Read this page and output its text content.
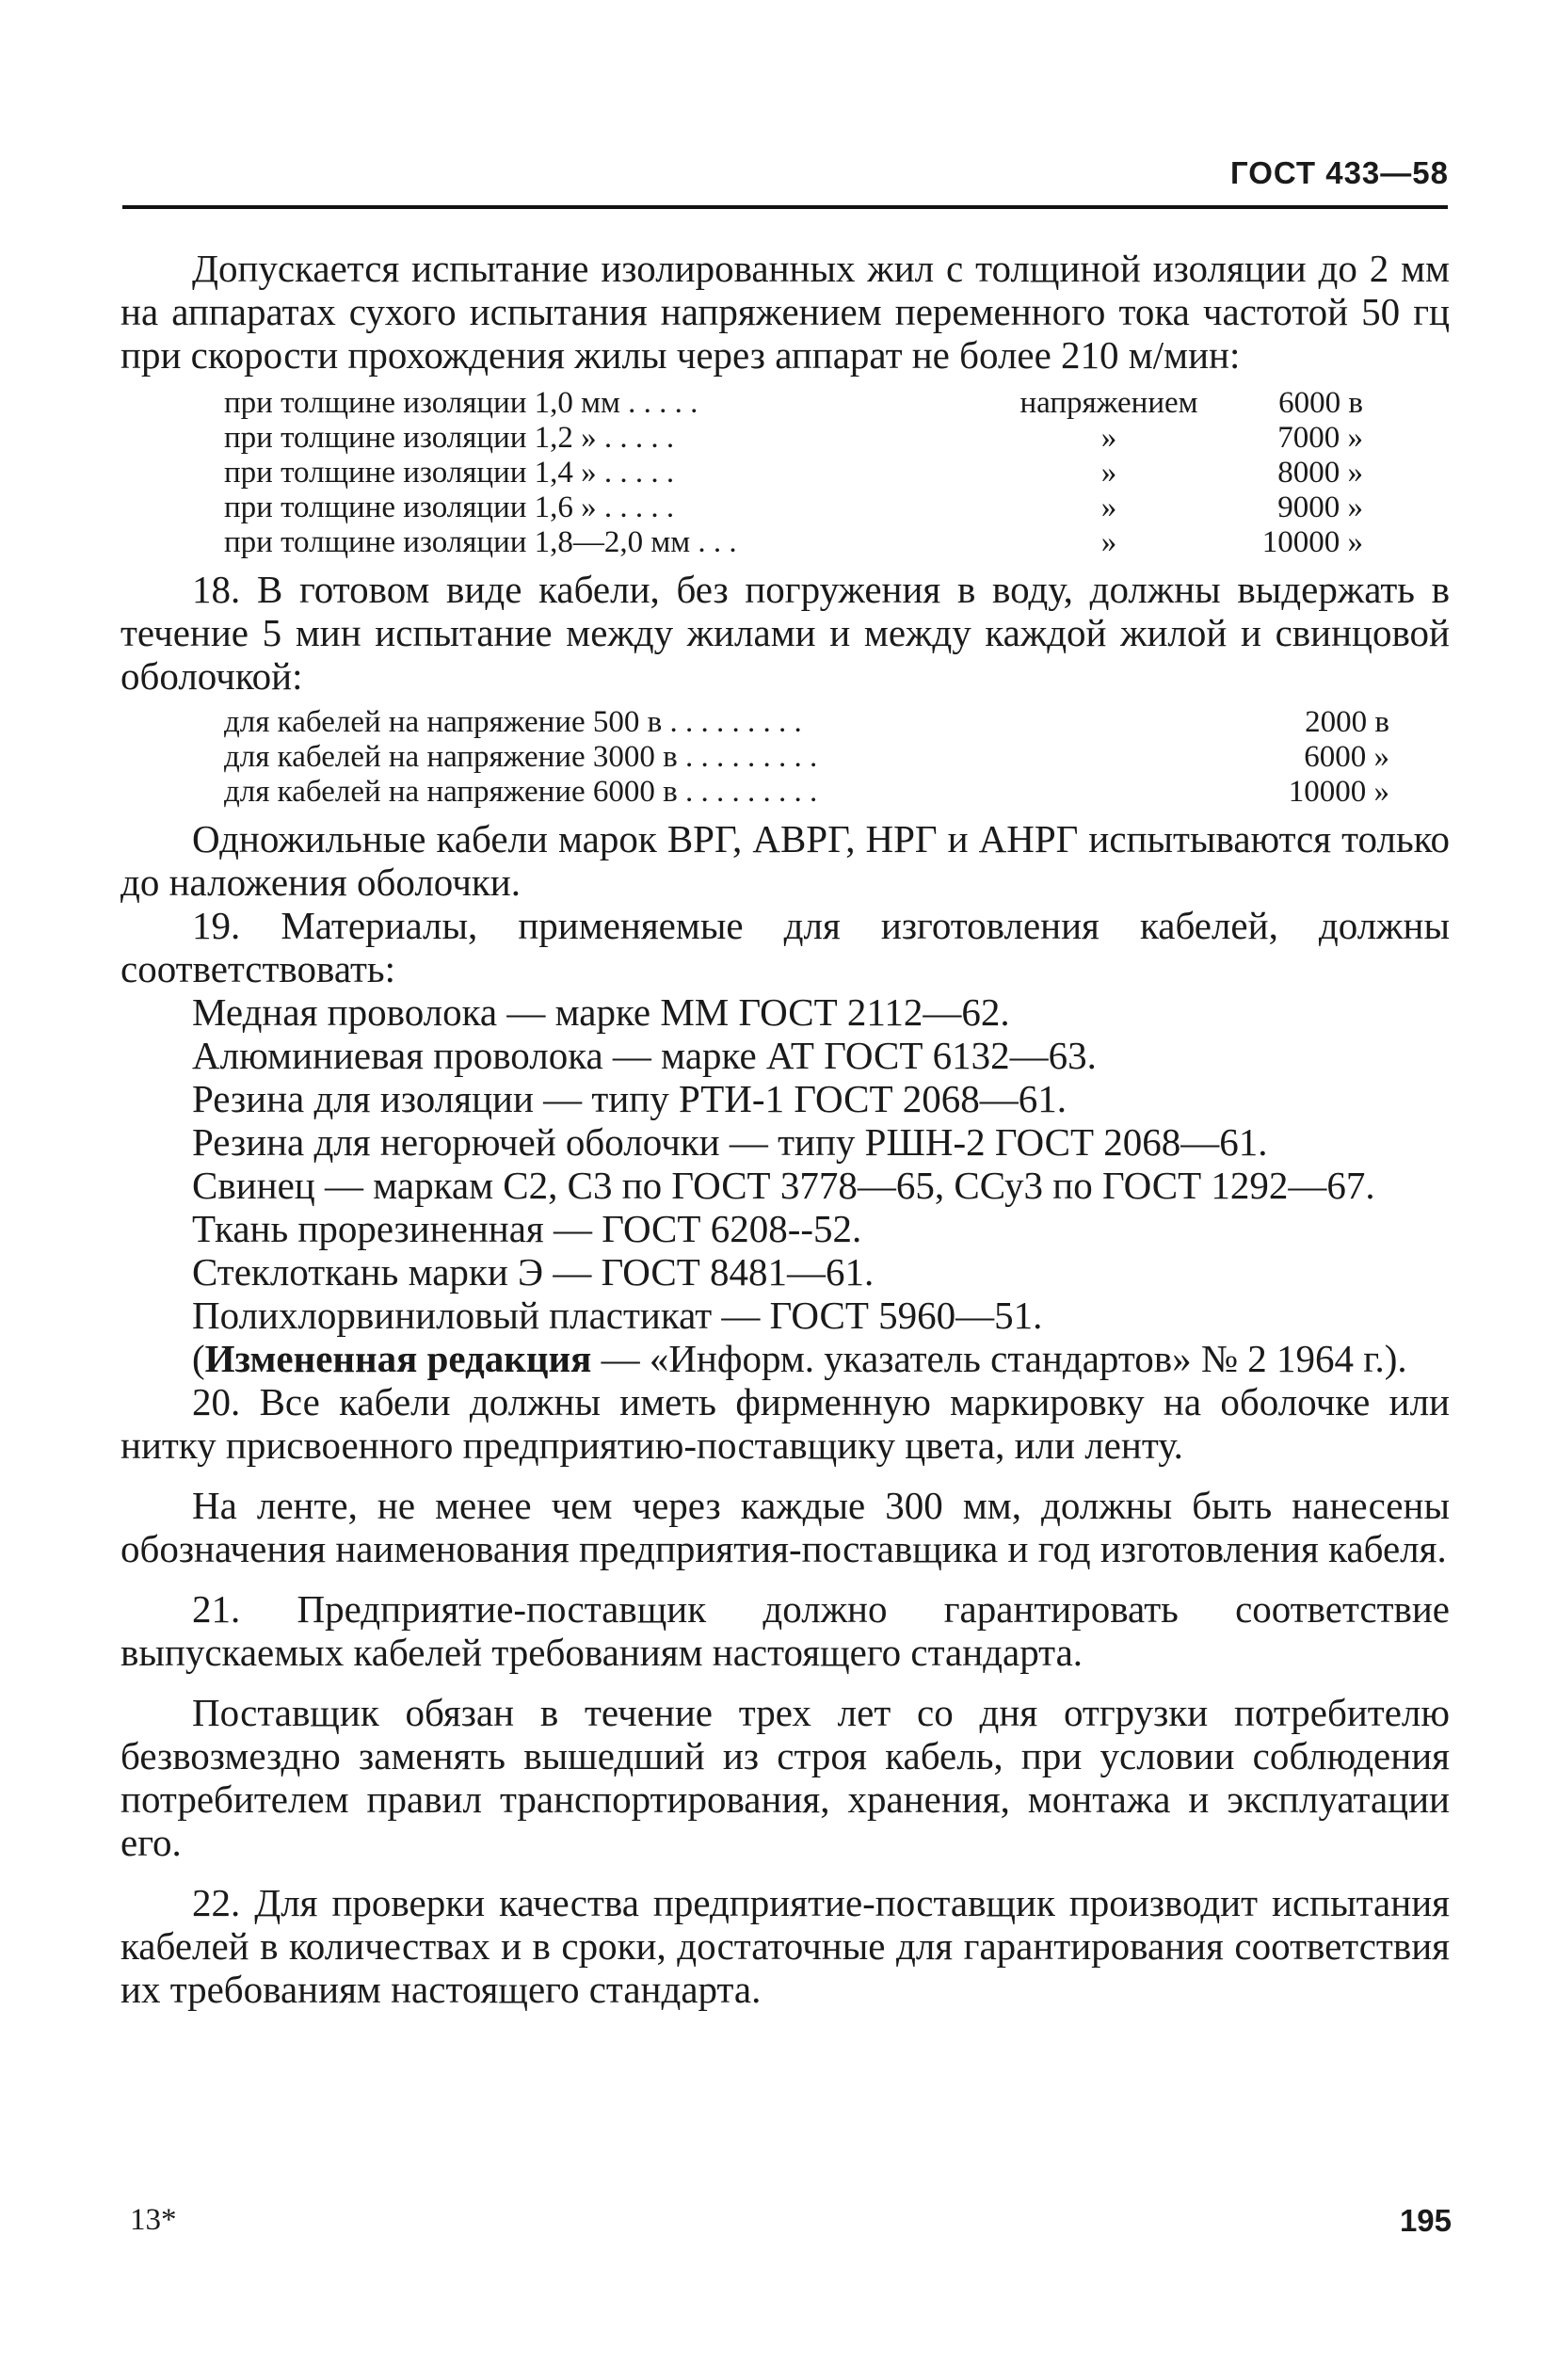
ГОСТ 433—58

Допускается испытание изолированных жил с толщиной изоляции до 2 мм на аппаратах сухого испытания напряжением переменного тока частотой 50 гц при скорости прохождения жилы через аппарат не более 210 м/мин:

при толщине изоляции 1,0 мм . . . . .	напряжением	6000 в
при толщине изоляции 1,2 » . . . . .	»	7000 »
при толщине изоляции 1,4 » . . . . .	»	8000 »
при толщине изоляции 1,6 » . . . . .	»	9000 »
при толщине изоляции 1,8—2,0 мм . . .	»	10000 »

18. В готовом виде кабели, без погружения в воду, должны выдержать в течение 5 мин испытание между жилами и между каждой жилой и свинцовой оболочкой:

для кабелей на напряжение 500 в . . . . . . . . .	2000 в
для кабелей на напряжение 3000 в . . . . . . . . .	6000 »
для кабелей на напряжение 6000 в . . . . . . . . .	10000 »

Одножильные кабели марок ВРГ, АВРГ, НРГ и АНРГ испытываются только до наложения оболочки.

19. Материалы, применяемые для изготовления кабелей, должны соответствовать:

Медная проволока — марке ММ ГОСТ 2112—62.

Алюминиевая проволока — марке АТ ГОСТ 6132—63.

Резина для изоляции — типу РТИ-1 ГОСТ 2068—61.

Резина для негорючей оболочки — типу РШН-2 ГОСТ 2068—61.

Свинец — маркам С2, С3 по ГОСТ 3778—65, ССу3 по ГОСТ 1292—67.

Ткань прорезиненная — ГОСТ 6208--52.

Стеклоткань марки Э — ГОСТ 8481—61.

Полихлорвиниловый пластикат — ГОСТ 5960—51.

(Измененная редакция — «Информ. указатель стандартов» № 2 1964 г.).

20. Все кабели должны иметь фирменную маркировку на оболочке или нитку присвоенного предприятию-поставщику цвета, или ленту.

На ленте, не менее чем через каждые 300 мм, должны быть нанесены обозначения наименования предприятия-поставщика и год изготовления кабеля.

21. Предприятие-поставщик должно гарантировать соответствие выпускаемых кабелей требованиям настоящего стандарта.

Поставщик обязан в течение трех лет со дня отгрузки потребителю безвозмездно заменять вышедший из строя кабель, при условии соблюдения потребителем правил транспортирования, хранения, монтажа и эксплуатации его.

22. Для проверки качества предприятие-поставщик производит испытания кабелей в количествах и в сроки, достаточные для гарантирования соответствия их требованиям настоящего стандарта.

13*	195
